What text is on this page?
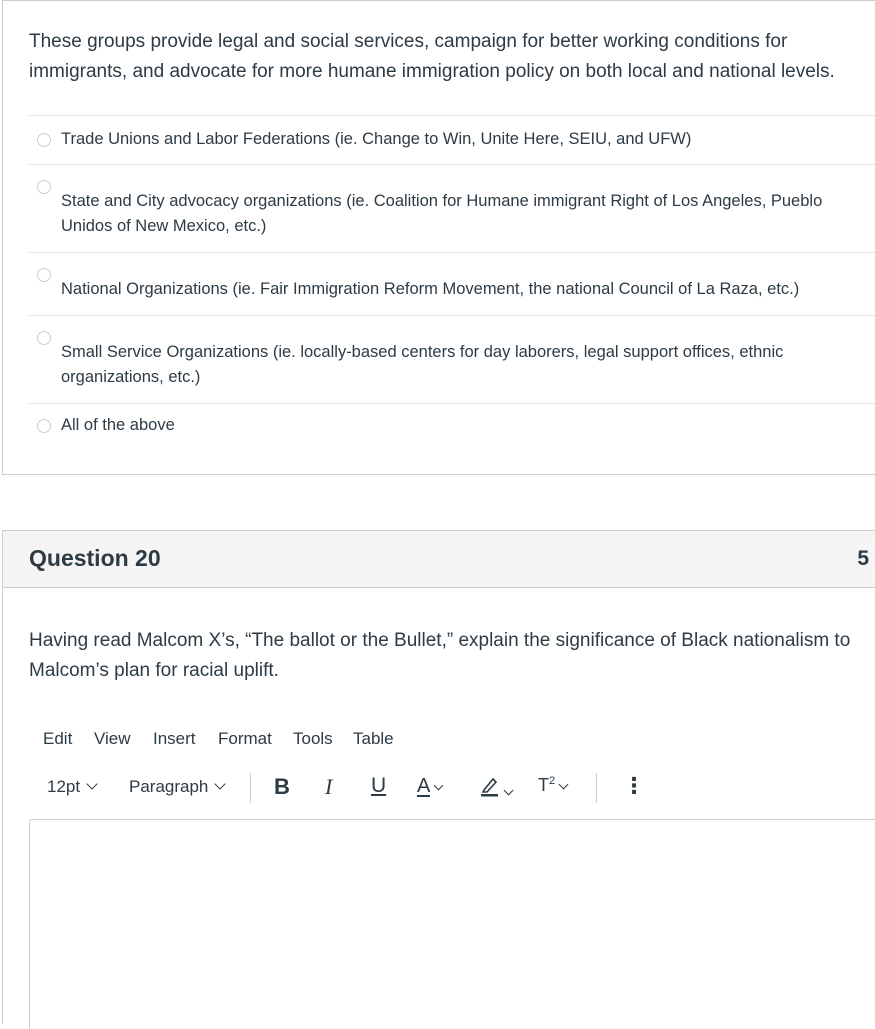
These groups provide legal and social services, campaign for better working conditions for immigrants, and advocate for more humane immigration policy on both local and national levels.

Trade Unions and Labor Federations (ie. Change to Win, Unite Here, SEIU, and UFW)
State and City advocacy organizations (ie. Coalition for Humane immigrant Right of Los Angeles, Pueblo Unidos of New Mexico, etc.)
National Organizations (ie. Fair Immigration Reform Movement, the national Council of La Raza, etc.)
Small Service Organizations (ie. locally-based centers for day laborers, legal support offices, ethnic organizations, etc.)
All of the above
Question 20	5

Having read Malcom X’s, “The ballot or the Bullet,” explain the significance of Black nationalism to Malcom’s plan for racial uplift.

Edit View Insert Format Tools Table
12pt	Paragraph	B I U A	$T^2$	⋮
